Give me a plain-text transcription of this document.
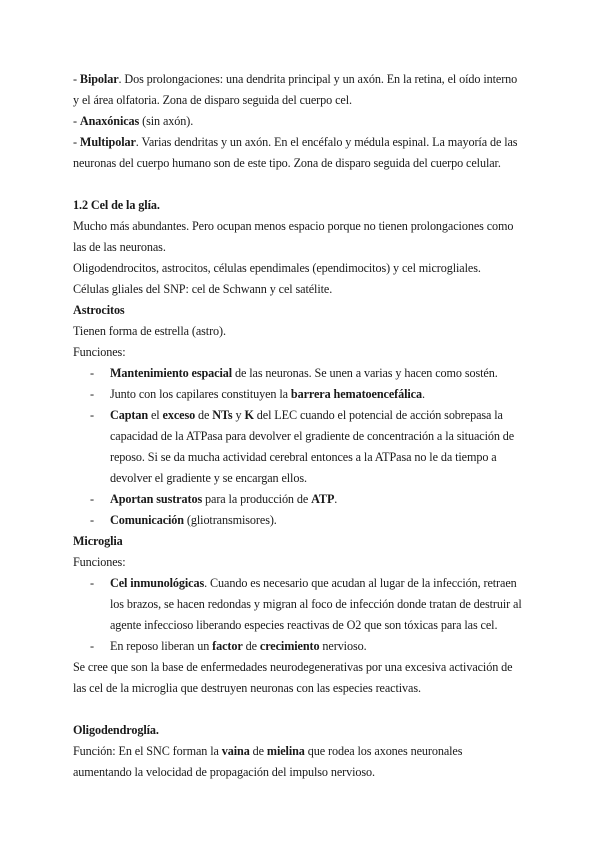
- Bipolar. Dos prolongaciones: una dendrita principal y un axón. En la retina, el oído interno

y el área olfatoria. Zona de disparo seguida del cuerpo cel.

- Anaxónicas (sin axón).

- Multipolar. Varias dendritas y un axón. En el encéfalo y médula espinal. La mayoría de las

neuronas del cuerpo humano son de este tipo. Zona de disparo seguida del cuerpo celular.

1.2 Cel de la glía.

Mucho más abundantes. Pero ocupan menos espacio porque no tienen prolongaciones como

las de las neuronas.

Oligodendrocitos, astrocitos, células ependimales (ependimocitos) y cel microgliales.

Células gliales del SNP: cel de Schwann y cel satélite.

Astrocitos

Tienen forma de estrella (astro).

Funciones:

- Mantenimiento espacial de las neuronas. Se unen a varias y hacen como sostén.
- Junto con los capilares constituyen la barrera hematoencefálica.
- Captan el exceso de NTs y K del LEC cuando el potencial de acción sobrepasa la

capacidad de la ATPasa para devolver el gradiente de concentración a la situación de

reposo. Si se da mucha actividad cerebral entonces a la ATPasa no le da tiempo a

devolver el gradiente y se encargan ellos.

- Aportan sustratos para la producción de ATP.
- Comunicación (gliotransmisores).

Microglia

Funciones:

- Cel inmunológicas. Cuando es necesario que acudan al lugar de la infección, retraen

los brazos, se hacen redondas y migran al foco de infección donde tratan de destruir al

agente infeccioso liberando especies reactivas de O2 que son tóxicas para las cel.

- En reposo liberan un factor de crecimiento nervioso.

Se cree que son la base de enfermedades neurodegenerativas por una excesiva activación de

las cel de la microglia que destruyen neuronas con las especies reactivas.

Oligodendroglía.

Función: En el SNC forman la vaina de mielina que rodea los axones neuronales

aumentando la velocidad de propagación del impulso nervioso.
